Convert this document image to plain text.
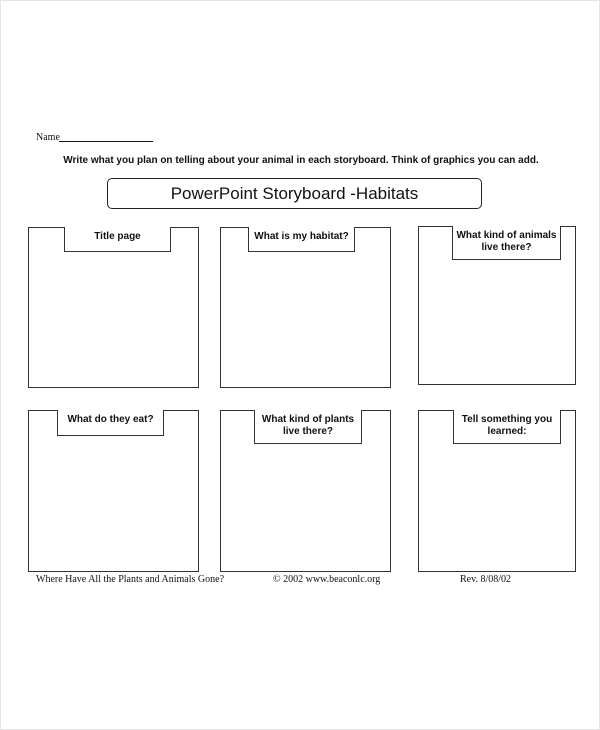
Name
Write what you plan on telling about your animal in each storyboard. Think of graphics you can add.
PowerPoint Storyboard -Habitats
Title page	What is my habitat?	What kind of animals live there?
What do they eat?	What kind of plants live there?
Tell something you learned:
Where Have All the Plants and Animals Gone?	© 2002 www.beaconlc.org	Rev. 8/08/02
